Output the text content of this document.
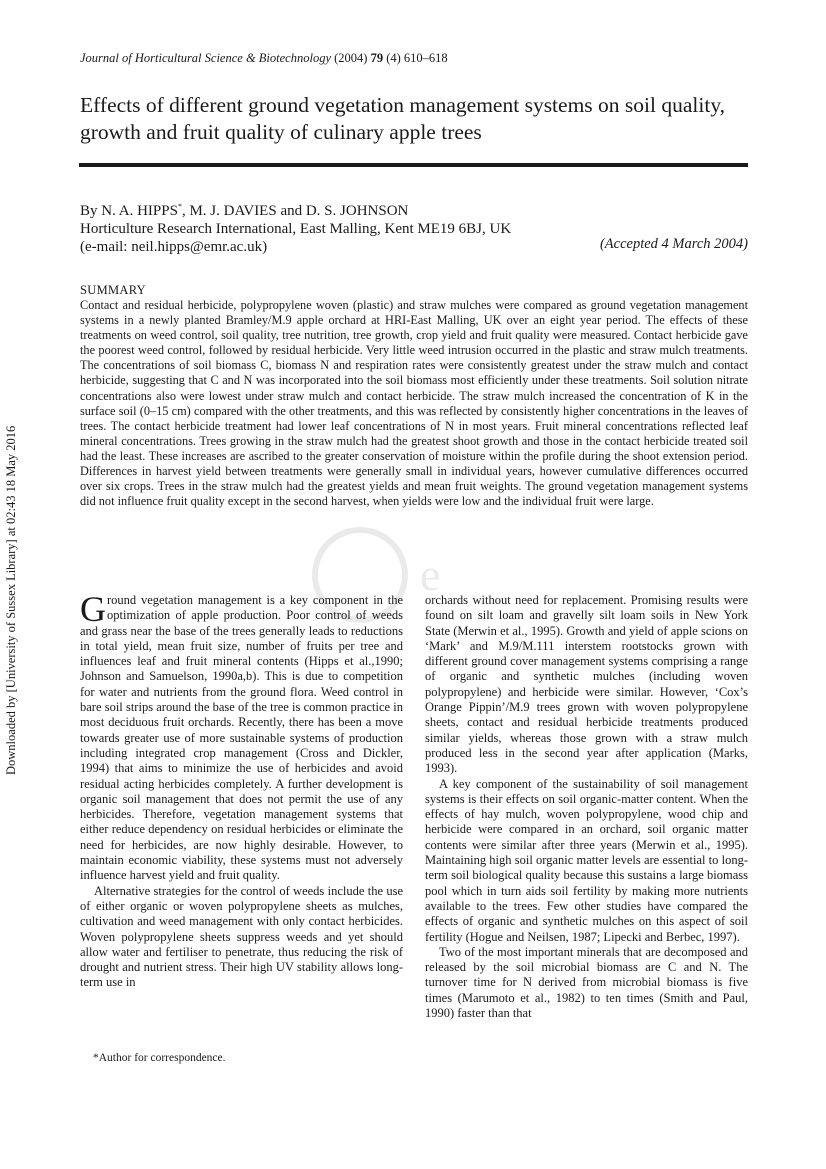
Journal of Horticultural Science & Biotechnology (2004) 79 (4) 610–618
Effects of different ground vegetation management systems on soil quality, growth and fruit quality of culinary apple trees
By N. A. HIPPS*, M. J. DAVIES and D. S. JOHNSON
Horticulture Research International, East Malling, Kent ME19 6BJ, UK
(e-mail: neil.hipps@emr.ac.uk)	(Accepted 4 March 2004)
SUMMARY
Contact and residual herbicide, polypropylene woven (plastic) and straw mulches were compared as ground vegetation management systems in a newly planted Bramley/M.9 apple orchard at HRI-East Malling, UK over an eight year period. The effects of these treatments on weed control, soil quality, tree nutrition, tree growth, crop yield and fruit quality were measured. Contact herbicide gave the poorest weed control, followed by residual herbicide. Very little weed intrusion occurred in the plastic and straw mulch treatments. The concentrations of soil biomass C, biomass N and respiration rates were consistently greatest under the straw mulch and contact herbicide, suggesting that C and N was incorporated into the soil biomass most efficiently under these treatments. Soil solution nitrate concentrations also were lowest under straw mulch and contact herbicide. The straw mulch increased the concentration of K in the surface soil (0–15 cm) compared with the other treatments, and this was reflected by consistently higher concentrations in the leaves of trees. The contact herbicide treatment had lower leaf concentrations of N in most years. Fruit mineral concentrations reflected leaf mineral concentrations. Trees growing in the straw mulch had the greatest shoot growth and those in the contact herbicide treated soil had the least. These increases are ascribed to the greater conservation of moisture within the profile during the shoot extension period. Differences in harvest yield between treatments were generally small in individual years, however cumulative differences occurred over six crops. Trees in the straw mulch had the greatest yields and mean fruit weights. The ground vegetation management systems did not influence fruit quality except in the second harvest, when yields were low and the individual fruit were large.
e

Ground vegetation management is a key component in the optimization of apple production. Poor control of weeds and grass near the base of the trees generally leads to reductions in total yield, mean fruit size, number of fruits per tree and influences leaf and fruit mineral contents (Hipps et al.,1990; Johnson and Samuelson, 1990a,b). This is due to competition for water and nutrients from the ground flora. Weed control in bare soil strips around the base of the tree is common practice in most deciduous fruit orchards. Recently, there has been a move towards greater use of more sustainable systems of production including integrated crop management (Cross and Dickler, 1994) that aims to minimize the use of herbicides and avoid residual acting herbicides completely. A further development is organic soil management that does not permit the use of any herbicides. Therefore, vegetation management systems that either reduce dependency on residual herbicides or eliminate the need for herbicides, are now highly desirable. However, to maintain economic viability, these systems must not adversely influence harvest yield and fruit quality.

Alternative strategies for the control of weeds include the use of either organic or woven polypropylene sheets as mulches, cultivation and weed management with only contact herbicides. Woven polypropylene sheets suppress weeds and yet should allow water and fertiliser to penetrate, thus reducing the risk of drought and nutrient stress. Their high UV stability allows long-term use in

orchards without need for replacement. Promising results were found on silt loam and gravelly silt loam soils in New York State (Merwin et al., 1995). Growth and yield of apple scions on ‘Mark’ and M.9/M.111 interstem rootstocks grown with different ground cover management systems comprising a range of organic and synthetic mulches (including woven polypropylene) and herbicide were similar. However, ‘Cox’s Orange Pippin’/M.9 trees grown with woven polypropylene sheets, contact and residual herbicide treatments produced similar yields, whereas those grown with a straw mulch produced less in the second year after application (Marks, 1993).

A key component of the sustainability of soil management systems is their effects on soil organic-matter content. When the effects of hay mulch, woven polypropylene, wood chip and herbicide were compared in an orchard, soil organic matter contents were similar after three years (Merwin et al., 1995). Maintaining high soil organic matter levels are essential to long-term soil biological quality because this sustains a large biomass pool which in turn aids soil fertility by making more nutrients available to the trees. Few other studies have compared the effects of organic and synthetic mulches on this aspect of soil fertility (Hogue and Neilsen, 1987; Lipecki and Berbec, 1997).

Two of the most important minerals that are decomposed and released by the soil microbial biomass are C and N. The turnover time for N derived from microbial biomass is five times (Marumoto et al., 1982) to ten times (Smith and Paul, 1990) faster than that

*Author for correspondence.
Downloaded by [University of Sussex Library] at 02:43 18 May 2016
